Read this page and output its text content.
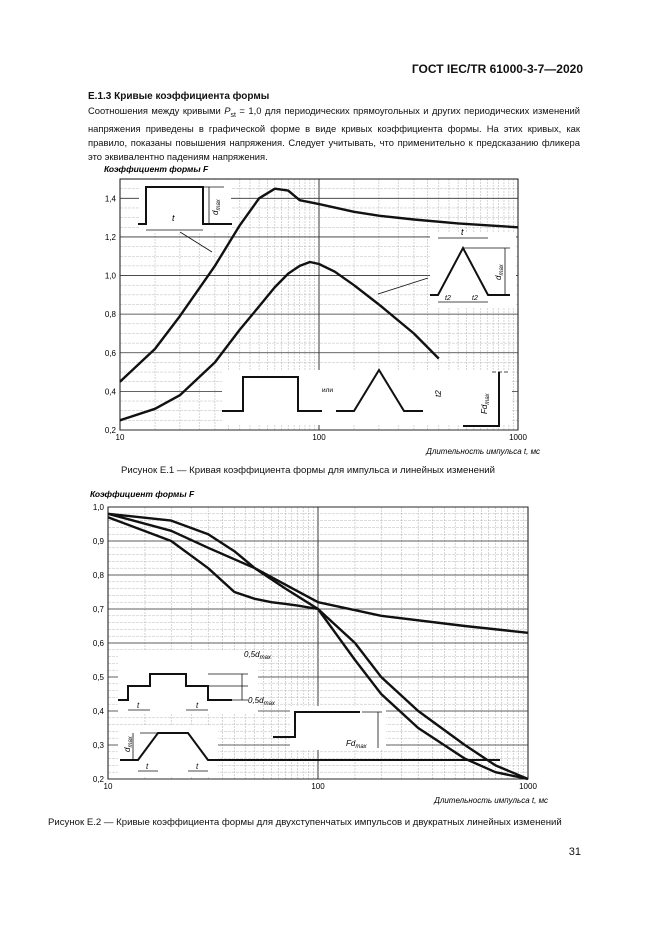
ГОСТ IEC/TR 61000-3-7—2020
Е.1.3 Кривые коэффициента формы
Соотношения между кривыми $P_{st} = 1,0$ для периодических прямоугольных и других периодических изменений напряжения приведены в графической форме в виде кривых коэффициента формы. На этих кривых, как правило, показаны повышения напряжения. Следует учитывать, что применительно к предсказанию фликера это эквивалентно падениям напряжения.
0,2
0,4
0,6
0,8
1,0
1,2
1,4
10	100	1000
Коэффициент формы F
Длительность импульса t, мс
t
$d_{max}$
t
t2	t2
$d_{max}$
или	t2
$Fd_{max}$
0,2
0,3
0,4
0,5
0,6
0,7
0,8
0,9
1,0
10	100	1000
Коэффициент формы F
Длительность импульса t, мс
$0,5d_{max}$
$0,5d_{max}$
t	t
t	t
$d_{max}$	$Fd_{max}$
Рисунок Е.1 — Кривая коэффициента формы для импульса и линейных изменений
Рисунок Е.2 — Кривые коэффициента формы для двухступенчатых импульсов и двукратных линейных изменений
31
